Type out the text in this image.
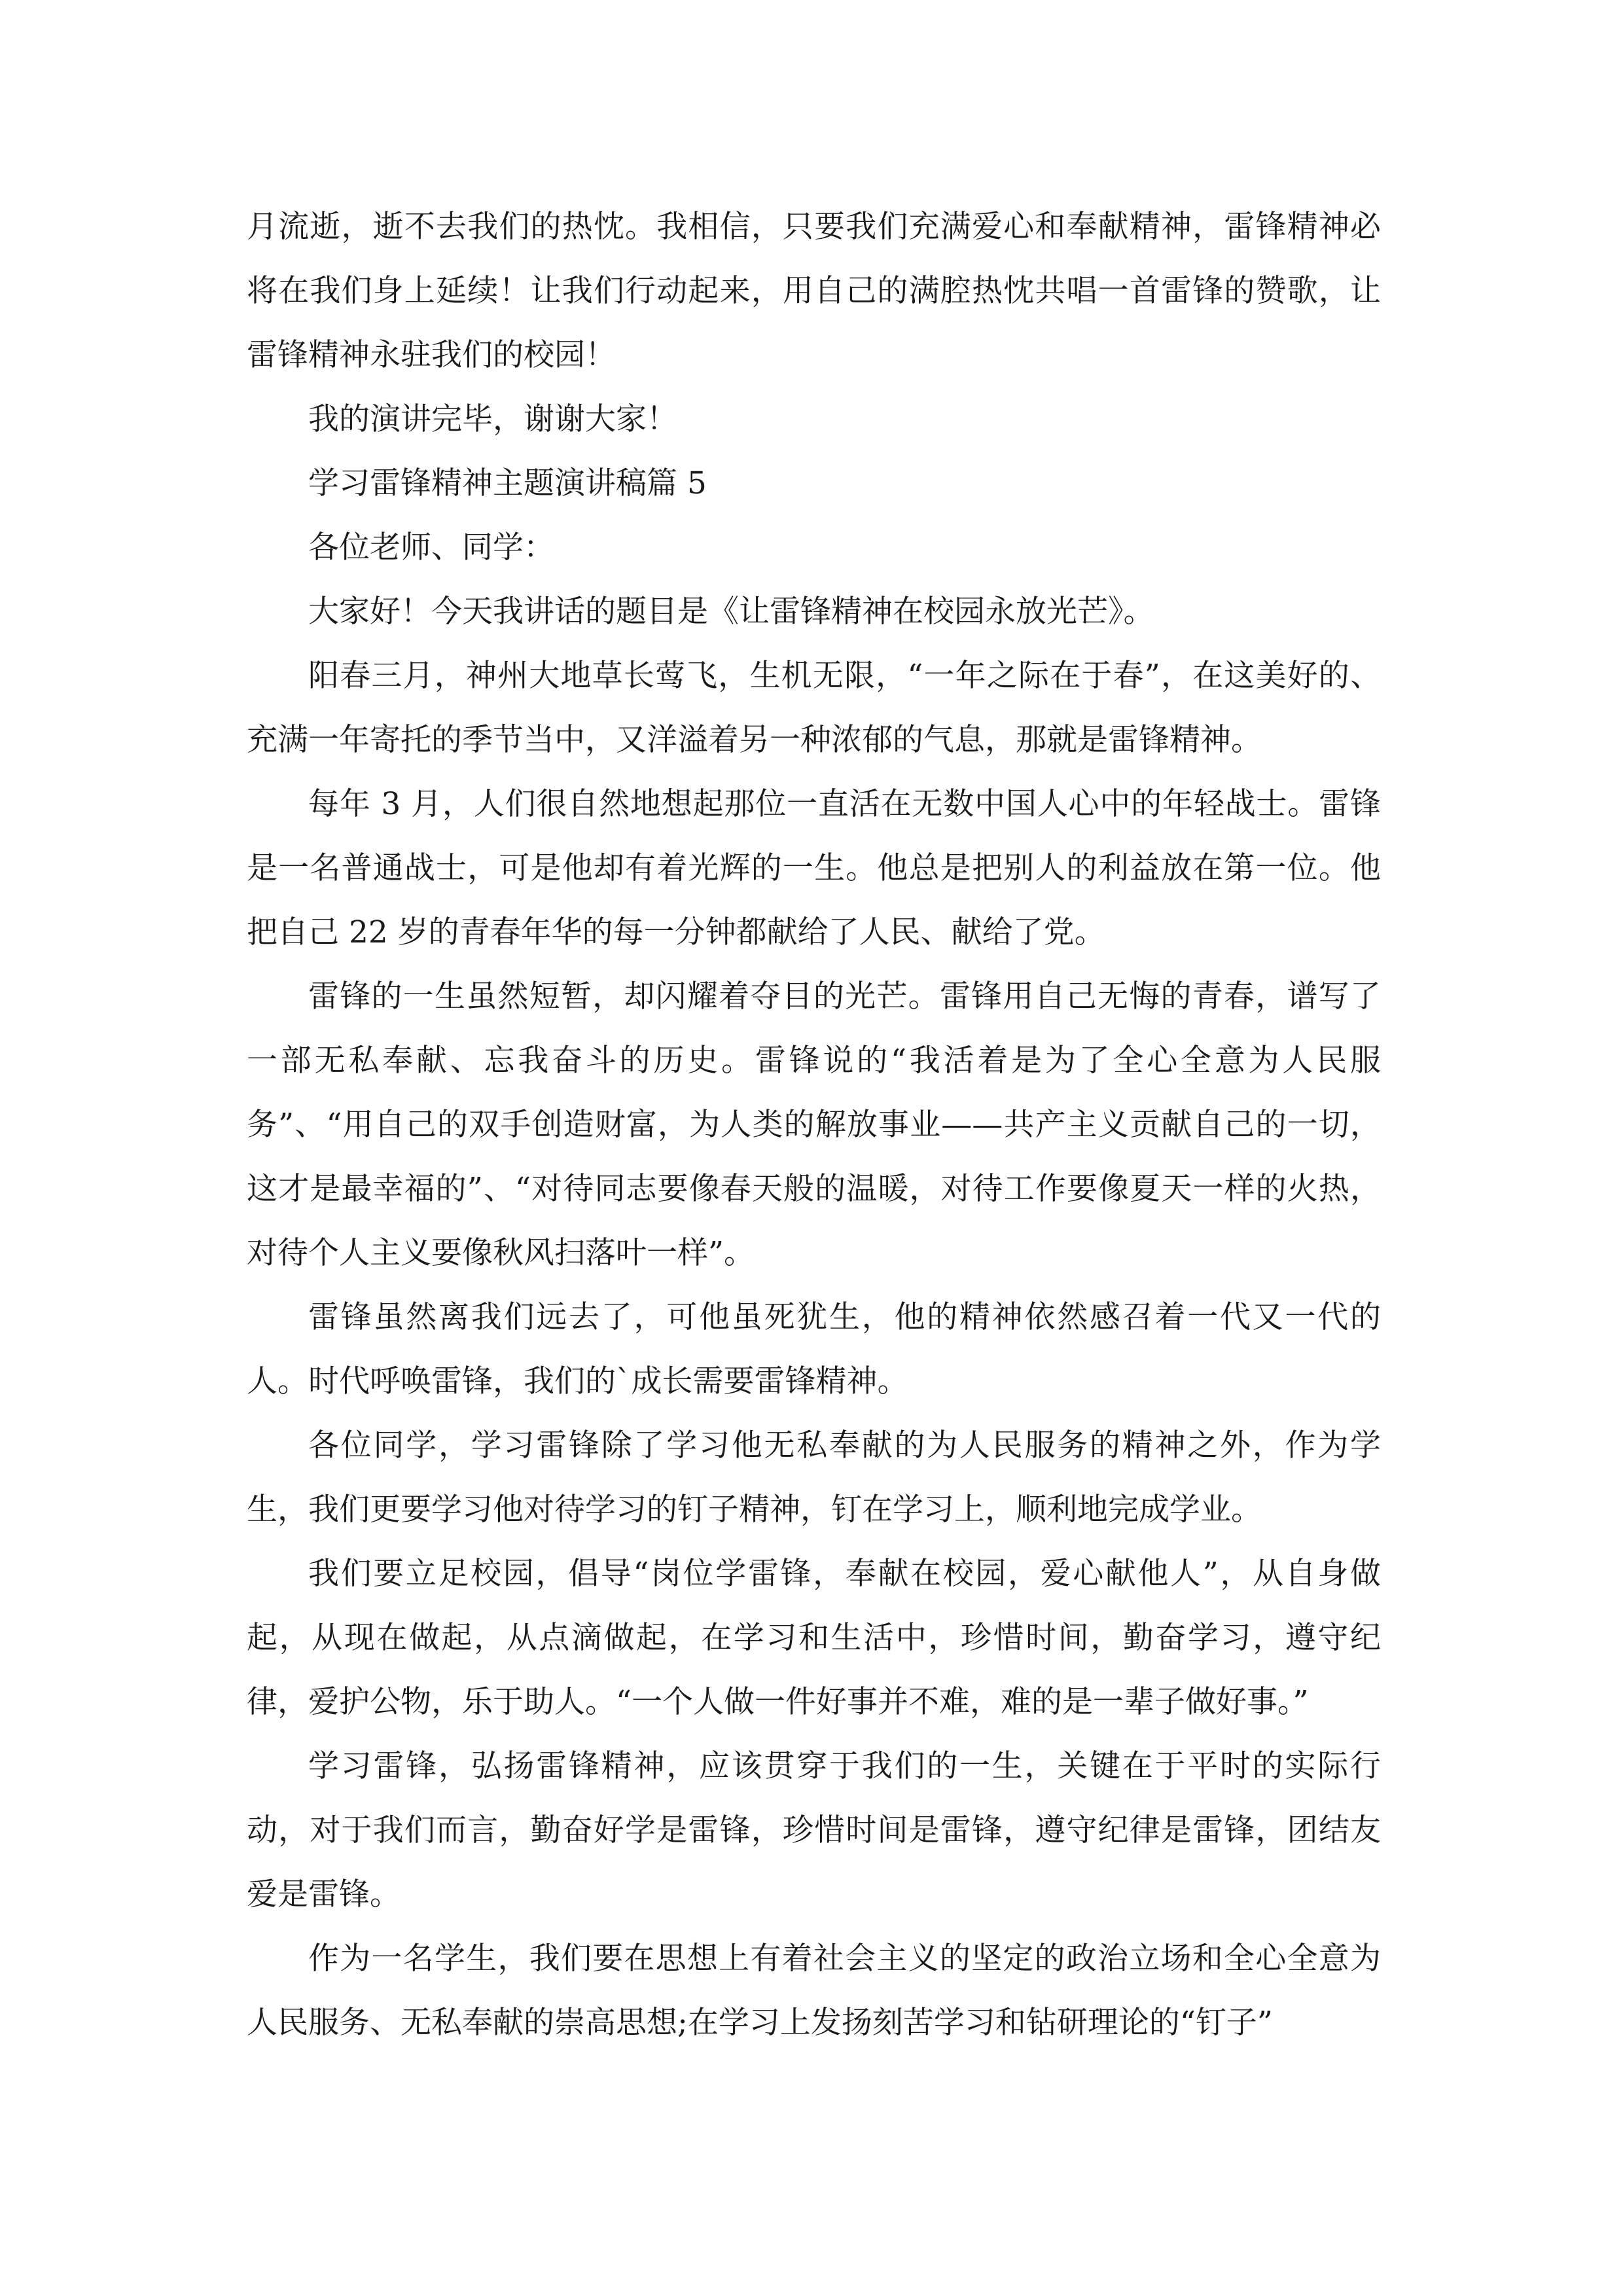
月流逝，逝不去我们的热忱。我相信，只要我们充满爱心和奉献精神，雷锋精神必将在我们身上延续！让我们行动起来，用自己的满腔热忱共唱一首雷锋的赞歌，让雷锋精神永驻我们的校园！

我的演讲完毕，谢谢大家！

学习雷锋精神主题演讲稿篇 5

各位老师、同学：

大家好！今天我讲话的题目是《让雷锋精神在校园永放光芒》。

阳春三月，神州大地草长莺飞，生机无限，“一年之际在于春”，在这美好的、充满一年寄托的季节当中，又洋溢着另一种浓郁的气息，那就是雷锋精神。

每年 3 月，人们很自然地想起那位一直活在无数中国人心中的年轻战士。雷锋是一名普通战士，可是他却有着光辉的一生。他总是把别人的利益放在第一位。他把自己 22 岁的青春年华的每一分钟都献给了人民、献给了党。

雷锋的一生虽然短暂，却闪耀着夺目的光芒。雷锋用自己无悔的青春，谱写了一部无私奉献、忘我奋斗的历史。雷锋说的“我活着是为了全心全意为人民服务”、“用自己的双手创造财富，为人类的解放事业——共产主义贡献自己的一切，这才是最幸福的”、“对待同志要像春天般的温暖，对待工作要像夏天一样的火热，对待个人主义要像秋风扫落叶一样”。

雷锋虽然离我们远去了，可他虽死犹生，他的精神依然感召着一代又一代的人。时代呼唤雷锋，我们的`成长需要雷锋精神。

各位同学，学习雷锋除了学习他无私奉献的为人民服务的精神之外，作为学生，我们更要学习他对待学习的钉子精神，钉在学习上，顺利地完成学业。

我们要立足校园，倡导“岗位学雷锋，奉献在校园，爱心献他人”，从自身做起，从现在做起，从点滴做起，在学习和生活中，珍惜时间，勤奋学习，遵守纪律，爱护公物，乐于助人。“一个人做一件好事并不难，难的是一辈子做好事。”

学习雷锋，弘扬雷锋精神，应该贯穿于我们的一生，关键在于平时的实际行动，对于我们而言，勤奋好学是雷锋，珍惜时间是雷锋，遵守纪律是雷锋，团结友爱是雷锋。

作为一名学生，我们要在思想上有着社会主义的坚定的政治立场和全心全意为人民服务、无私奉献的崇高思想;在学习上发扬刻苦学习和钻研理论的“钉子”
